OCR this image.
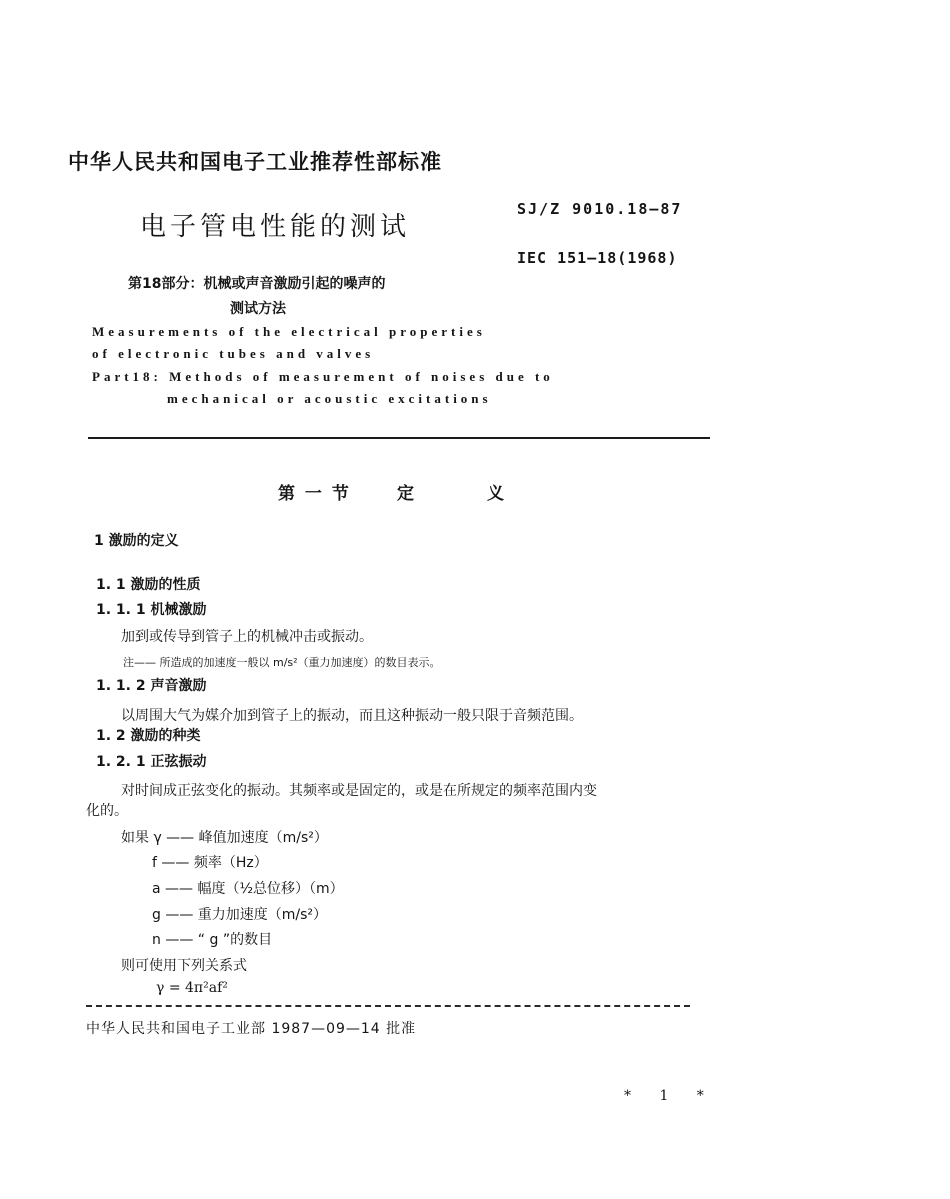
中华人民共和国电子工业推荐性部标准
电子管电性能的测试
SJ/Z 9010.18—87
IEC 151—18(1968)
第18部分：机械或声音激励引起的噪声的
测试方法
Measurements of the electrical properties
of electronic tubes and valves
Part18: Methods of measurement of noises due to
mechanical or acoustic excitations
第 一 节	定	义
1 激励的定义
1. 1 激励的性质
1. 1. 1 机械激励
加到或传导到管子上的机械冲击或振动。
注—— 所造成的加速度一般以 m/s²（重力加速度）的数目表示。
1. 1. 2 声音激励
以周围大气为媒介加到管子上的振动，而且这种振动一般只限于音频范围。
1. 2 激励的种类
1. 2. 1 正弦振动
对时间成正弦变化的振动。其频率或是固定的，或是在所规定的频率范围内变
化的。
如果 γ —— 峰值加速度（m/s²）
f —— 频率（Hz）
a —— 幅度（½总位移）（m）
g —— 重力加速度（m/s²）
n —— “ g ”的数目
则可使用下列关系式
γ = 4π²af²
中华人民共和国电子工业部 1987—09—14 批准
* 1 *
